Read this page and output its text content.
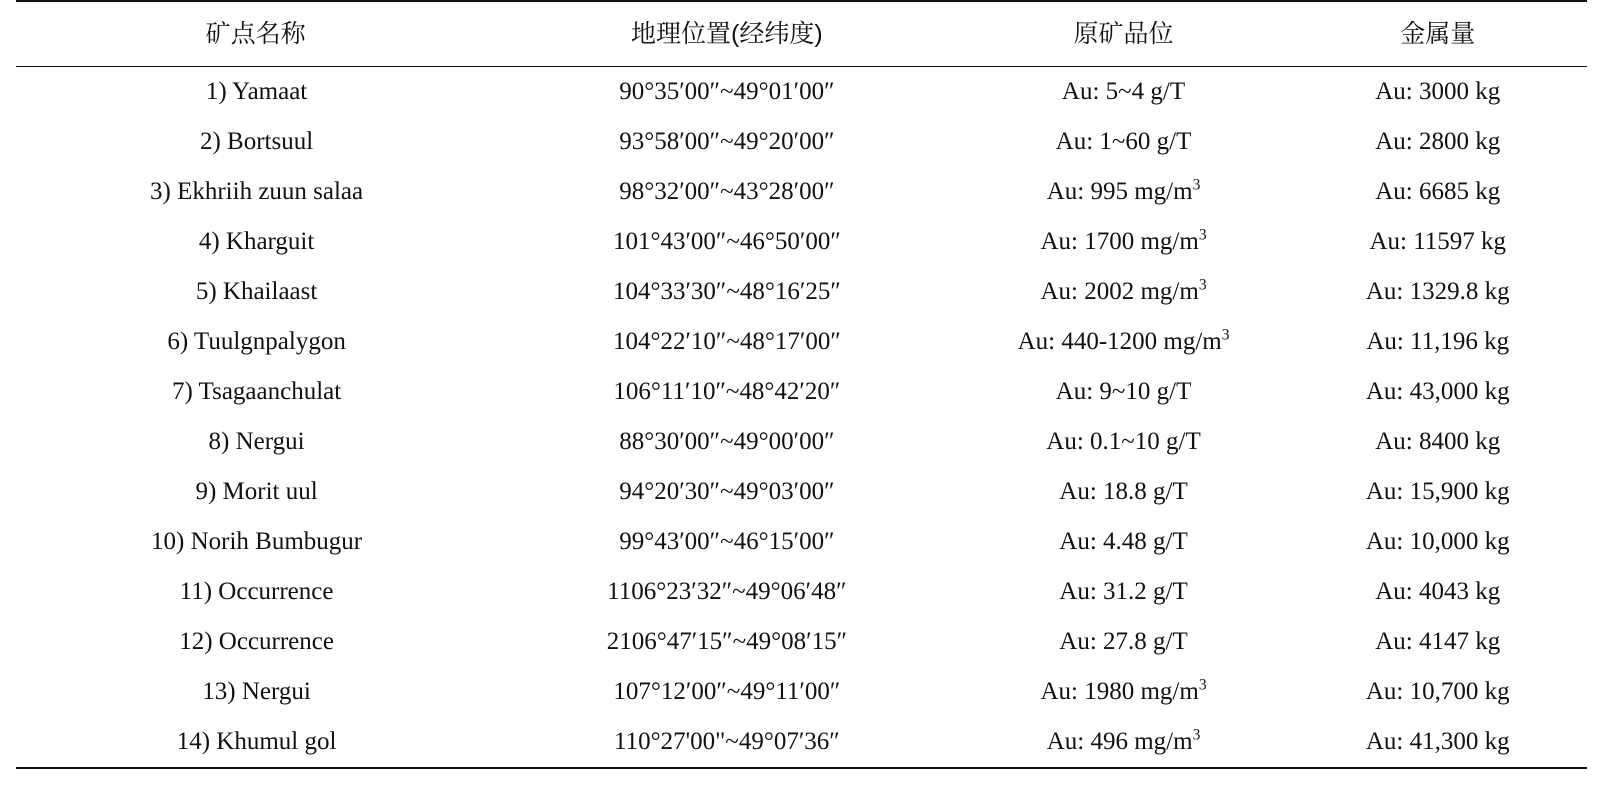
矿点名称	地理位置(经纬度)	原矿品位	金属量
1) Yamaat	90°35′00″~49°01′00″	Au: 5~4 g/T	Au: 3000 kg
2) Bortsuul	93°58′00″~49°20′00″	Au: 1~60 g/T	Au: 2800 kg
3) Ekhriih zuun salaa	98°32′00″~43°28′00″	Au: 995 $mg/m^3$	Au: 6685 kg
4) Kharguit	101°43′00″~46°50′00″	Au: 1700 $mg/m^3$	Au: 11597 kg
5) Khailaast	104°33′30″~48°16′25″	Au: 2002 $mg/m^3$	Au: 1329.8 kg
6) Tuulgnpalygon	104°22′10″~48°17′00″	Au: 440-1200 $mg/m^3$	Au: 11,196 kg
7) Tsagaanchulat	106°11′10″~48°42′20″	Au: 9~10 g/T	Au: 43,000 kg
8) Nergui	88°30′00″~49°00′00″	Au: 0.1~10 g/T	Au: 8400 kg
9) Morit uul	94°20′30″~49°03′00″	Au: 18.8 g/T	Au: 15,900 kg
10) Norih Bumbugur	99°43′00″~46°15′00″	Au: 4.48 g/T	Au: 10,000 kg
11) Occurrence	1106°23′32″~49°06′48″	Au: 31.2 g/T	Au: 4043 kg
12) Occurrence	2106°47′15″~49°08′15″	Au: 27.8 g/T	Au: 4147 kg
13) Nergui	107°12′00″~49°11′00″	Au: 1980 $mg/m^3$	Au: 10,700 kg
14) Khumul gol	110°27'00"~49°07′36″	Au: 496 $mg/m^3$	Au: 41,300 kg
